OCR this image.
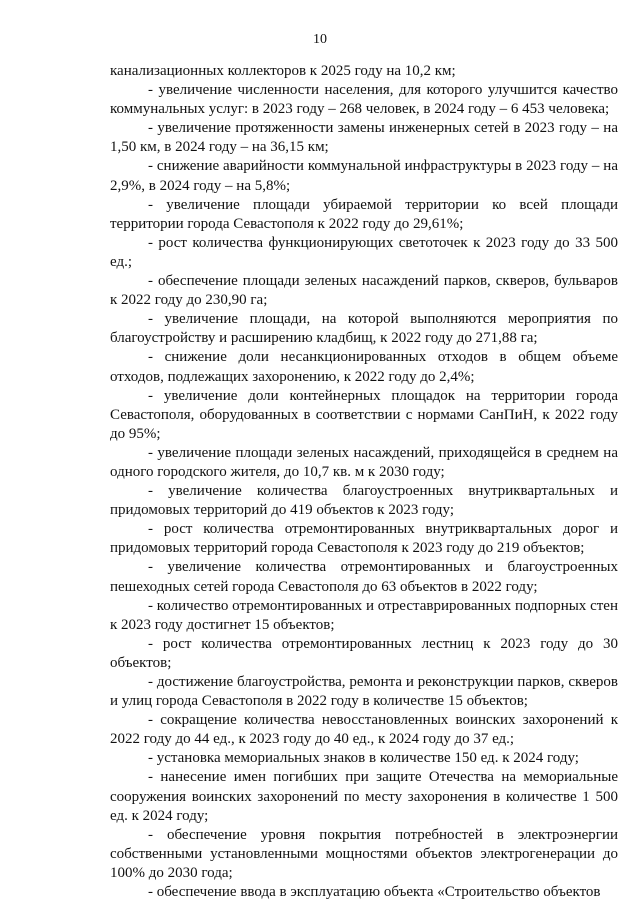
10

канализационных коллекторов к 2025 году на 10,2 км;

- увеличение численности населения, для которого улучшится качество коммунальных услуг: в 2023 году – 268 человек, в 2024 году – 6 453 человека;

- увеличение протяженности замены инженерных сетей в 2023 году – на 1,50 км, в 2024 году – на 36,15 км;

- снижение аварийности коммунальной инфраструктуры в 2023 году – на 2,9%, в 2024 году – на 5,8%;

- увеличение площади убираемой территории ко всей площади территории города Севастополя к 2022 году до 29,61%;

- рост количества функционирующих светоточек к 2023 году до 33 500 ед.;

- обеспечение площади зеленых насаждений парков, скверов, бульваров к 2022 году до 230,90 га;

- увеличение площади, на которой выполняются мероприятия по благоустройству и расширению кладбищ, к 2022 году до 271,88 га;

- снижение доли несанкционированных отходов в общем объеме отходов, подлежащих захоронению, к 2022 году до 2,4%;

- увеличение доли контейнерных площадок на территории города Севастополя, оборудованных в соответствии с нормами СанПиН, к 2022 году до 95%;

- увеличение площади зеленых насаждений, приходящейся в среднем на одного городского жителя, до 10,7 кв. м к 2030 году;

- увеличение количества благоустроенных внутриквартальных и придомовых территорий до 419 объектов к 2023 году;

- рост количества отремонтированных внутриквартальных дорог и придомовых территорий города Севастополя к 2023 году до 219 объектов;

- увеличение количества отремонтированных и благоустроенных пешеходных сетей города Севастополя до 63 объектов в 2022 году;

- количество отремонтированных и отреставрированных подпорных стен к 2023 году достигнет 15 объектов;

- рост количества отремонтированных лестниц к 2023 году до 30 объектов;

- достижение благоустройства, ремонта и реконструкции парков, скверов и улиц города Севастополя в 2022 году в количестве 15 объектов;

- сокращение количества невосстановленных воинских захоронений к 2022 году до 44 ед., к 2023 году до 40 ед., к 2024 году до 37 ед.;

- установка мемориальных знаков в количестве 150 ед. к 2024 году;

- нанесение имен погибших при защите Отечества на мемориальные сооружения воинских захоронений по месту захоронения в количестве 1 500 ед. к 2024 году;

- обеспечение уровня покрытия потребностей в электроэнергии собственными установленными мощностями объектов электрогенерации до 100% до 2030 года;

- обеспечение ввода в эксплуатацию объекта «Строительство объектов
